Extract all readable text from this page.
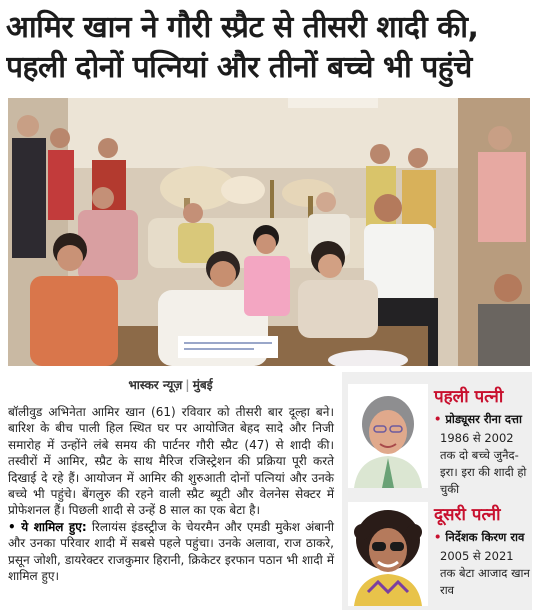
आमिर खान ने गौरी स्प्रैट से तीसरी शादी की,
पहली दोनों पत्नियां और तीनों बच्चे भी पहुंचे
भास्कर न्यूज़ | मुंबई

बॉलीवुड अभिनेता आमिर खान (61) रविवार को तीसरी बार दूल्हा बने। बारिश के बीच पाली हिल स्थित घर पर आयोजित बेहद सादे और निजी समारोह में उन्होंने लंबे समय की पार्टनर गौरी स्प्रैट (47) से शादी की। तस्वीरों में आमिर, स्प्रैट के साथ मैरिज रजिस्ट्रेशन की प्रक्रिया पूरी करते दिखाई दे रहे हैं। आयोजन में आमिर की शुरुआती दोनों पत्नियां और उनके बच्चे भी पहुंचे। बेंगलुरु की रहने वाली स्प्रैट ब्यूटी और वेलनेस सेक्टर में प्रोफेशनल हैं। पिछली शादी से उन्हें 8 साल का एक बेटा है।

• ये शामिल हुए: रिलायंस इंडस्ट्रीज के चेयरमैन और एमडी मुकेश अंबानी और उनका परिवार शादी में सबसे पहले पहुंचा। उनके अलावा, राज ठाकरे, प्रसून जोशी, डायरेक्टर राजकुमार हिरानी, क्रिकेटर इरफान पठान भी शादी में शामिल हुए।

पहली पत्नी
• प्रोड्यूसर रीना दत्ता
1986 से 2002 तक दो बच्चे जुनैद-इरा। इरा की शादी हो चुकी
दूसरी पत्नी
• निर्देशक किरण राव
2005 से 2021 तक बेटा आजाद खान राव
